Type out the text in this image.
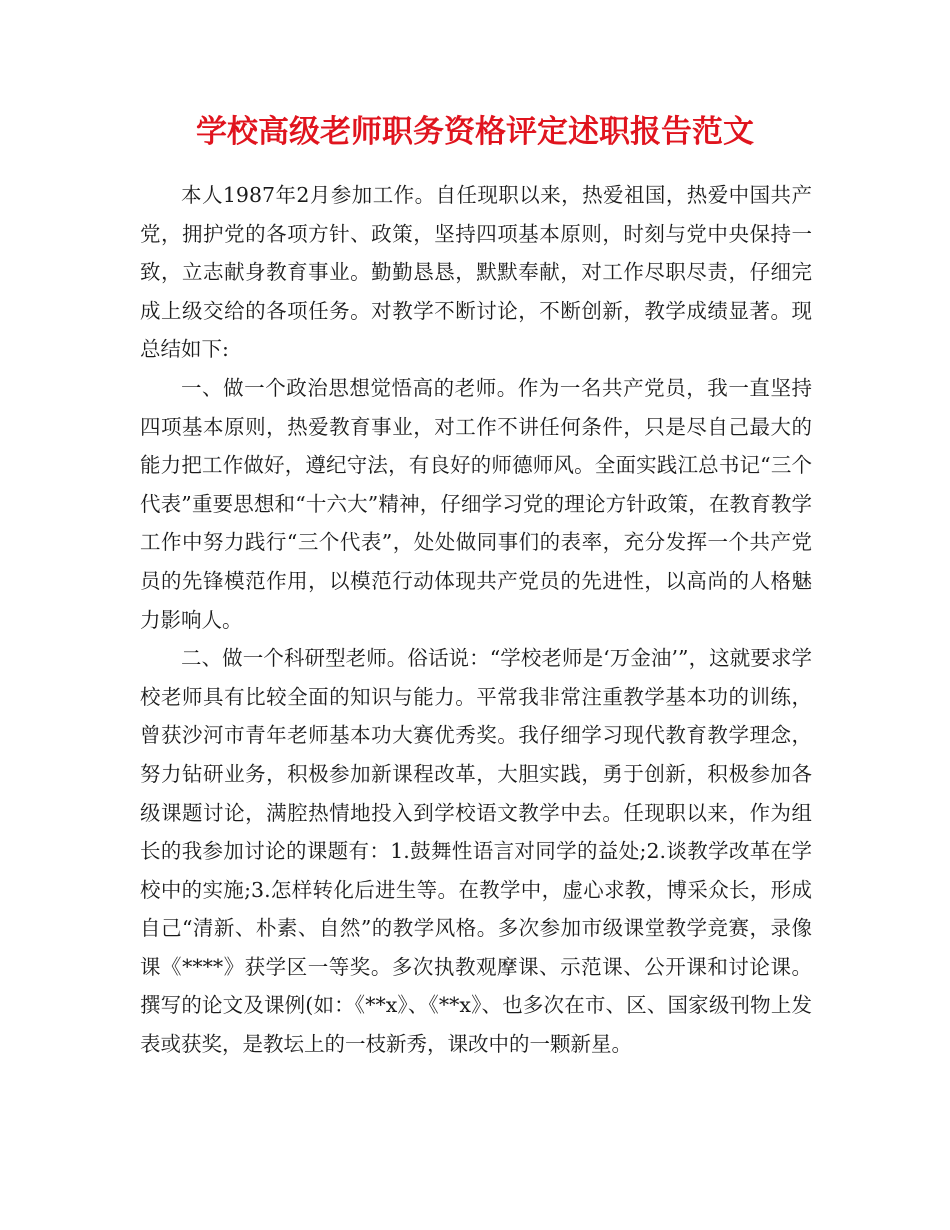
学校高级老师职务资格评定述职报告范文

本人1987年2月参加工作。自任现职以来，热爱祖国，热爱中国共产党，拥护党的各项方针、政策，坚持四项基本原则，时刻与党中央保持一致，立志献身教育事业。勤勤恳恳，默默奉献，对工作尽职尽责，仔细完成上级交给的各项任务。对教学不断讨论，不断创新，教学成绩显著。现总结如下:

一、做一个政治思想觉悟高的老师。作为一名共产党员，我一直坚持四项基本原则，热爱教育事业，对工作不讲任何条件，只是尽自己最大的能力把工作做好，遵纪守法，有良好的师德师风。全面实践江总书记“三个代表”重要思想和“十六大”精神，仔细学习党的理论方针政策，在教育教学工作中努力践行“三个代表”，处处做同事们的表率，充分发挥一个共产党员的先锋模范作用，以模范行动体现共产党员的先进性，以高尚的人格魅力影响人。

二、做一个科研型老师。俗话说：“学校老师是‘万金油’”，这就要求学校老师具有比较全面的知识与能力。平常我非常注重教学基本功的训练，曾获沙河市青年老师基本功大赛优秀奖。我仔细学习现代教育教学理念，努力钻研业务，积极参加新课程改革，大胆实践，勇于创新，积极参加各级课题讨论，满腔热情地投入到学校语文教学中去。任现职以来，作为组长的我参加讨论的课题有：1.鼓舞性语言对同学的益处;2.谈教学改革在学校中的实施;3.怎样转化后进生等。在教学中，虚心求教，博采众长，形成自己“清新、朴素、自然”的教学风格。多次参加市级课堂教学竞赛，录像课《****》获学区一等奖。多次执教观摩课、示范课、公开课和讨论课。撰写的论文及课例(如：《**x》、《**x》、也多次在市、区、国家级刊物上发表或获奖，是教坛上的一枝新秀，课改中的一颗新星。
